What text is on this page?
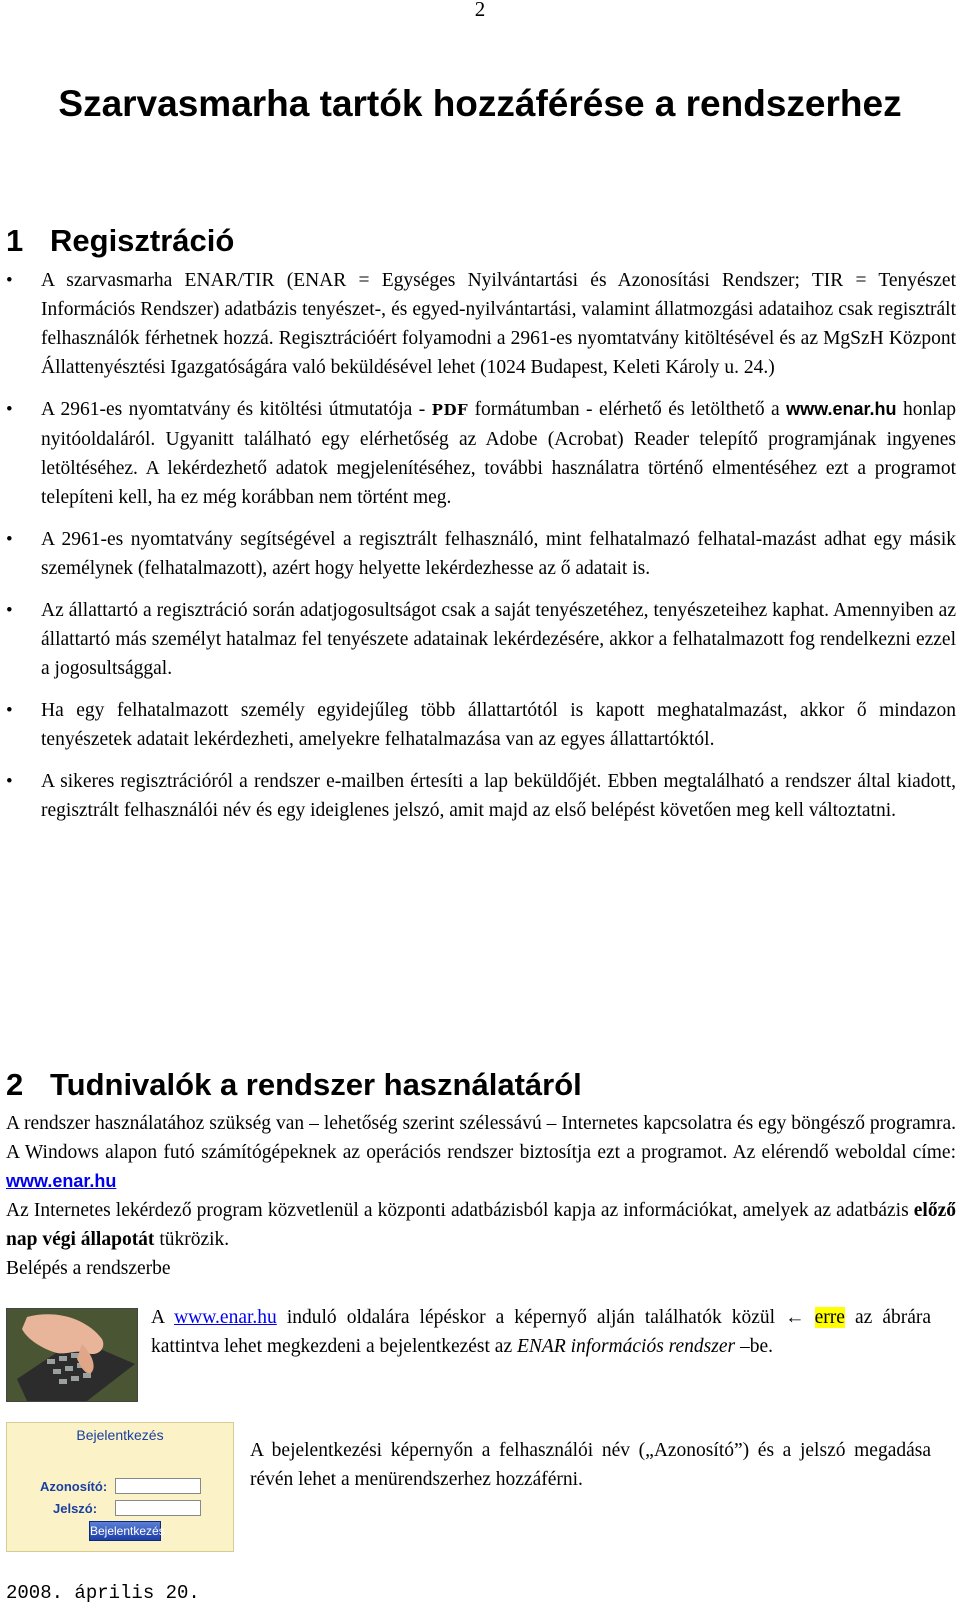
2
Szarvasmarha tartók hozzáférése a rendszerhez
1 Regisztráció
• A szarvasmarha ENAR/TIR (ENAR = Egységes Nyilvántartási és Azonosítási Rendszer; TIR = Tenyészet Információs Rendszer) adatbázis tenyészet-, és egyed-nyilvántartási, valamint állatmozgási adataihoz csak regisztrált felhasználók férhetnek hozzá. Regisztrációért folyamodni a 2961-es nyomtatvány kitöltésével és az MgSzH Központ Állattenyésztési Igazgatóságára való beküldésével lehet (1024 Budapest, Keleti Károly u. 24.)
• A 2961-es nyomtatvány és kitöltési útmutatója - PDF formátumban - elérhető és letölthető a www.enar.hu honlap nyitóoldaláról. Ugyanitt található egy elérhetőség az Adobe (Acrobat) Reader telepítő programjának ingyenes letöltéséhez. A lekérdezhető adatok megjelenítéséhez, további használatra történő elmentéséhez ezt a programot telepíteni kell, ha ez még korábban nem történt meg.
• A 2961-es nyomtatvány segítségével a regisztrált felhasználó, mint felhatalmazó felhatal-mazást adhat egy másik személynek (felhatalmazott), azért hogy helyette lekérdezhesse az ő adatait is.
• Az állattartó a regisztráció során adatjogosultságot csak a saját tenyészetéhez, tenyészeteihez kaphat. Amennyiben az állattartó más személyt hatalmaz fel tenyészete adatainak lekérdezésére, akkor a felhatalmazott fog rendelkezni ezzel a jogosultsággal.
• Ha egy felhatalmazott személy egyidejűleg több állattartótól is kapott meghatalmazást, akkor ő mindazon tenyészetek adatait lekérdezheti, amelyekre felhatalmazása van az egyes állattartóktól.
• A sikeres regisztrációról a rendszer e-mailben értesíti a lap beküldőjét. Ebben megtalálható a rendszer által kiadott, regisztrált felhasználói név és egy ideiglenes jelszó, amit majd az első belépést követően meg kell változtatni.
2 Tudnivalók a rendszer használatáról

A rendszer használatához szükség van – lehetőség szerint szélessávú – Internetes kapcsolatra és egy böngésző programra. A Windows alapon futó számítógépeknek az operációs rendszer biztosítja ezt a programot. Az elérendő weboldal címe: www.enar.hu

Az Internetes lekérdező program közvetlenül a központi adatbázisból kapja az információkat, amelyek az adatbázis előző nap végi állapotát tükrözik.

Belépés a rendszerbe

A www.enar.hu induló oldalára lépéskor a képernyő alján találhatók közül ← erre az ábrára kattintva lehet megkezdeni a bejelentkezést az ENAR információs rendszer –be.

Bejelentkezés
Azonosító:
Jelszó:
Bejelentkezés

A bejelentkezési képernyőn a felhasználói név („Azonosító”) és a jelszó megadása révén lehet a menürendszerhez hozzáférni.

2008. április 20.
